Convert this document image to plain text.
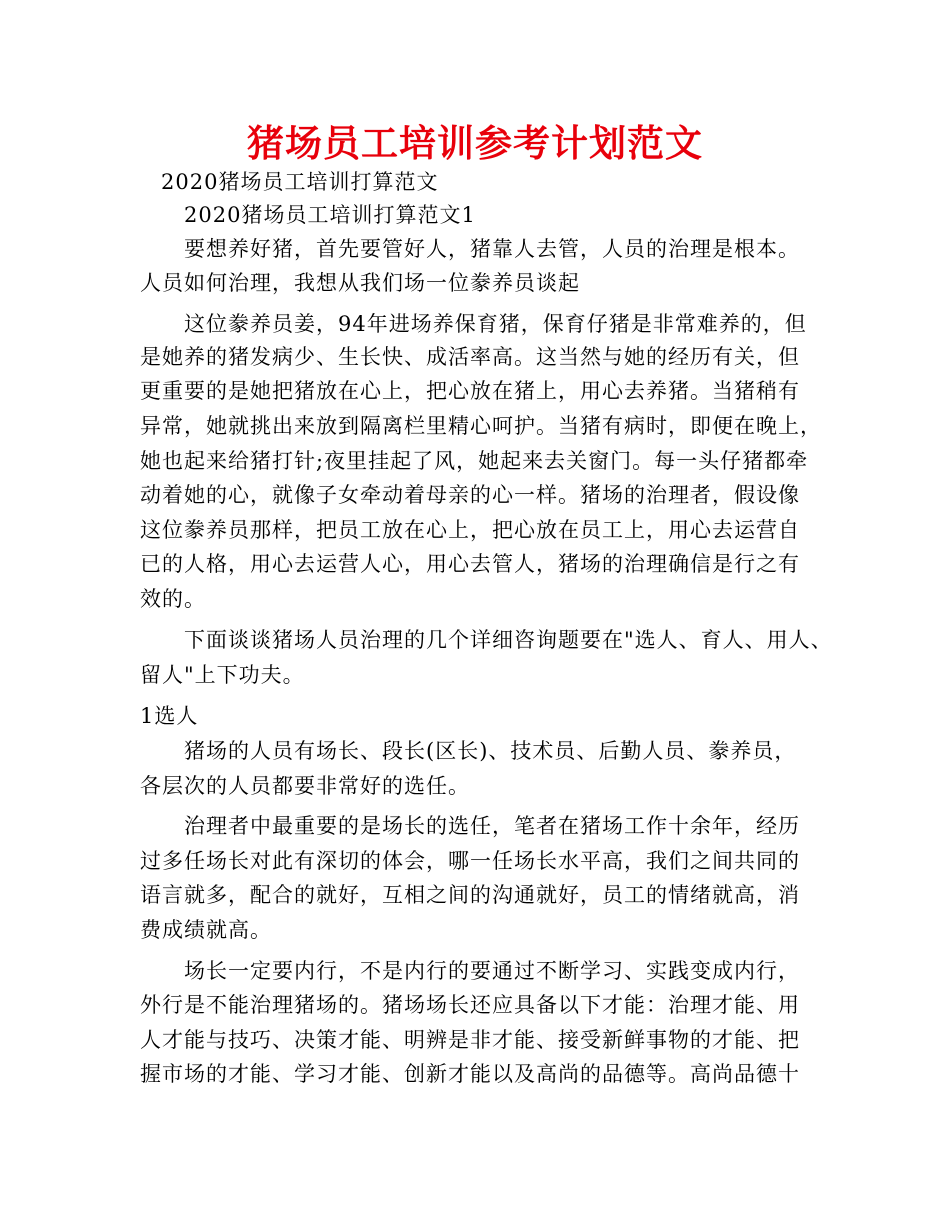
猪场员工培训参考计划范文
2020猪场员工培训打算范文
2020猪场员工培训打算范文1
要想养好猪，首先要管好人，猪靠人去管，人员的治理是根本。
人员如何治理，我想从我们场一位豢养员谈起
这位豢养员姜，94年进场养保育猪，保育仔猪是非常难养的，但
是她养的猪发病少、生长快、成活率高。这当然与她的经历有关，但
更重要的是她把猪放在心上，把心放在猪上，用心去养猪。当猪稍有
异常，她就挑出来放到隔离栏里精心呵护。当猪有病时，即便在晚上，
她也起来给猪打针;夜里挂起了风，她起来去关窗门。每一头仔猪都牵
动着她的心，就像子女牵动着母亲的心一样。猪场的治理者，假设像
这位豢养员那样，把员工放在心上，把心放在员工上，用心去运营自
已的人格，用心去运营人心，用心去管人，猪场的治理确信是行之有
效的。
下面谈谈猪场人员治理的几个详细咨询题要在"选人、育人、用人、
留人"上下功夫。
1选人
猪场的人员有场长、段长(区长)、技术员、后勤人员、豢养员，
各层次的人员都要非常好的选任。
治理者中最重要的是场长的选任，笔者在猪场工作十余年，经历
过多任场长对此有深切的体会，哪一任场长水平高，我们之间共同的
语言就多，配合的就好，互相之间的沟通就好，员工的情绪就高，消
费成绩就高。
场长一定要内行，不是内行的要通过不断学习、实践变成内行，
外行是不能治理猪场的。猪场场长还应具备以下才能：治理才能、用
人才能与技巧、决策才能、明辨是非才能、接受新鲜事物的才能、把
握市场的才能、学习才能、创新才能以及高尚的品德等。高尚品德十
